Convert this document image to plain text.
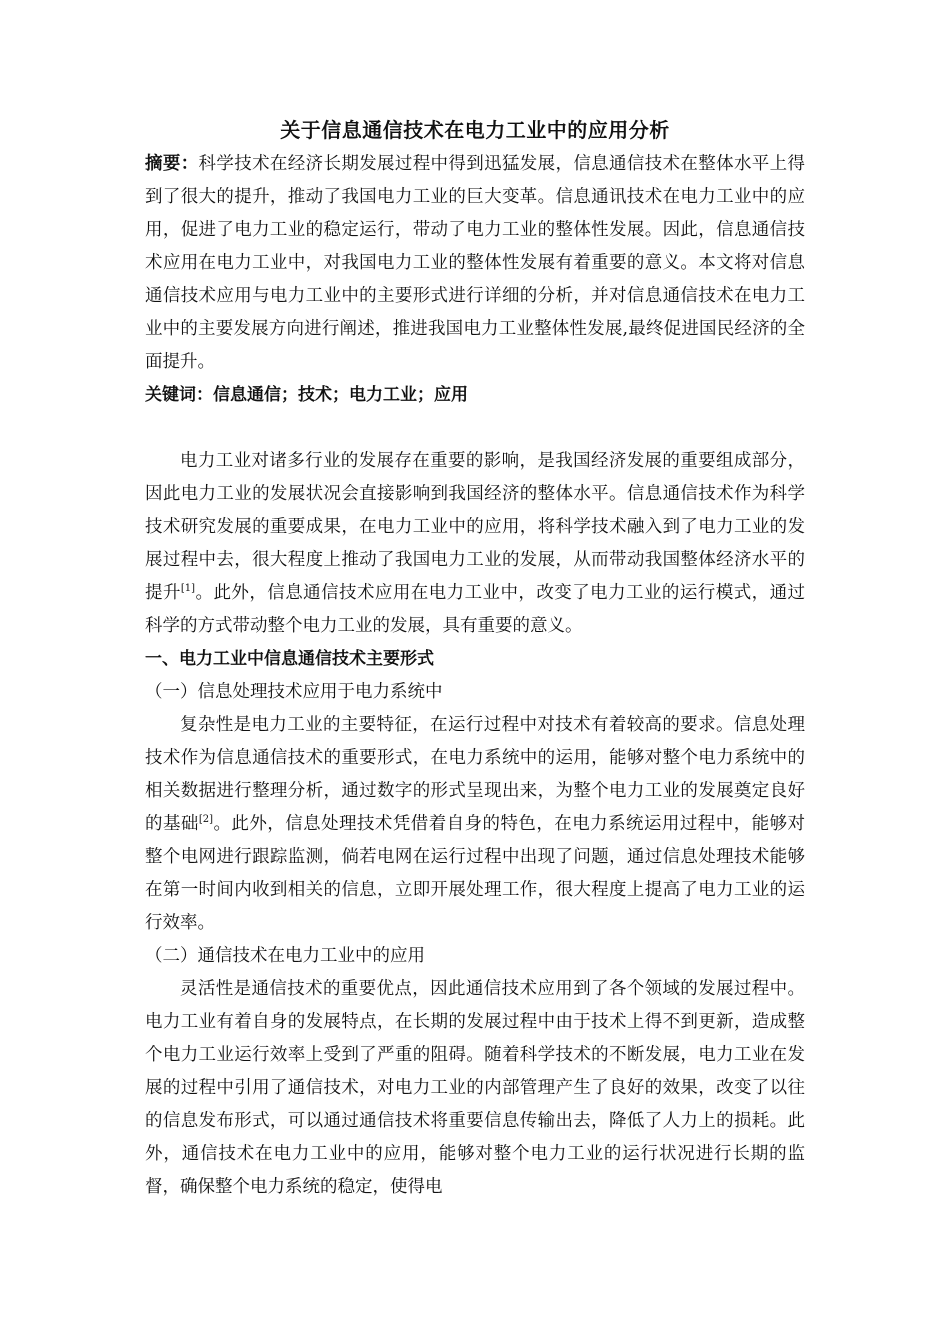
关于信息通信技术在电力工业中的应用分析

摘要：科学技术在经济长期发展过程中得到迅猛发展，信息通信技术在整体水平上得到了很大的提升，推动了我国电力工业的巨大变革。信息通讯技术在电力工业中的应用，促进了电力工业的稳定运行，带动了电力工业的整体性发展。因此，信息通信技术应用在电力工业中，对我国电力工业的整体性发展有着重要的意义。本文将对信息通信技术应用与电力工业中的主要形式进行详细的分析，并对信息通信技术在电力工业中的主要发展方向进行阐述，推进我国电力工业整体性发展,最终促进国民经济的全面提升。

关键词：信息通信；技术；电力工业；应用

电力工业对诸多行业的发展存在重要的影响，是我国经济发展的重要组成部分，因此电力工业的发展状况会直接影响到我国经济的整体水平。信息通信技术作为科学技术研究发展的重要成果，在电力工业中的应用，将科学技术融入到了电力工业的发展过程中去，很大程度上推动了我国电力工业的发展，从而带动我国整体经济水平的提升[1]。此外，信息通信技术应用在电力工业中，改变了电力工业的运行模式，通过科学的方式带动整个电力工业的发展，具有重要的意义。

一、电力工业中信息通信技术主要形式

（一）信息处理技术应用于电力系统中

复杂性是电力工业的主要特征，在运行过程中对技术有着较高的要求。信息处理技术作为信息通信技术的重要形式，在电力系统中的运用，能够对整个电力系统中的相关数据进行整理分析，通过数字的形式呈现出来，为整个电力工业的发展奠定良好的基础[2]。此外，信息处理技术凭借着自身的特色，在电力系统运用过程中，能够对整个电网进行跟踪监测，倘若电网在运行过程中出现了问题，通过信息处理技术能够在第一时间内收到相关的信息，立即开展处理工作，很大程度上提高了电力工业的运行效率。

（二）通信技术在电力工业中的应用

灵活性是通信技术的重要优点，因此通信技术应用到了各个领域的发展过程中。电力工业有着自身的发展特点，在长期的发展过程中由于技术上得不到更新，造成整个电力工业运行效率上受到了严重的阻碍。随着科学技术的不断发展，电力工业在发展的过程中引用了通信技术，对电力工业的内部管理产生了良好的效果，改变了以往的信息发布形式，可以通过通信技术将重要信息传输出去，降低了人力上的损耗。此外，通信技术在电力工业中的应用，能够对整个电力工业的运行状况进行长期的监督，确保整个电力系统的稳定，使得电
